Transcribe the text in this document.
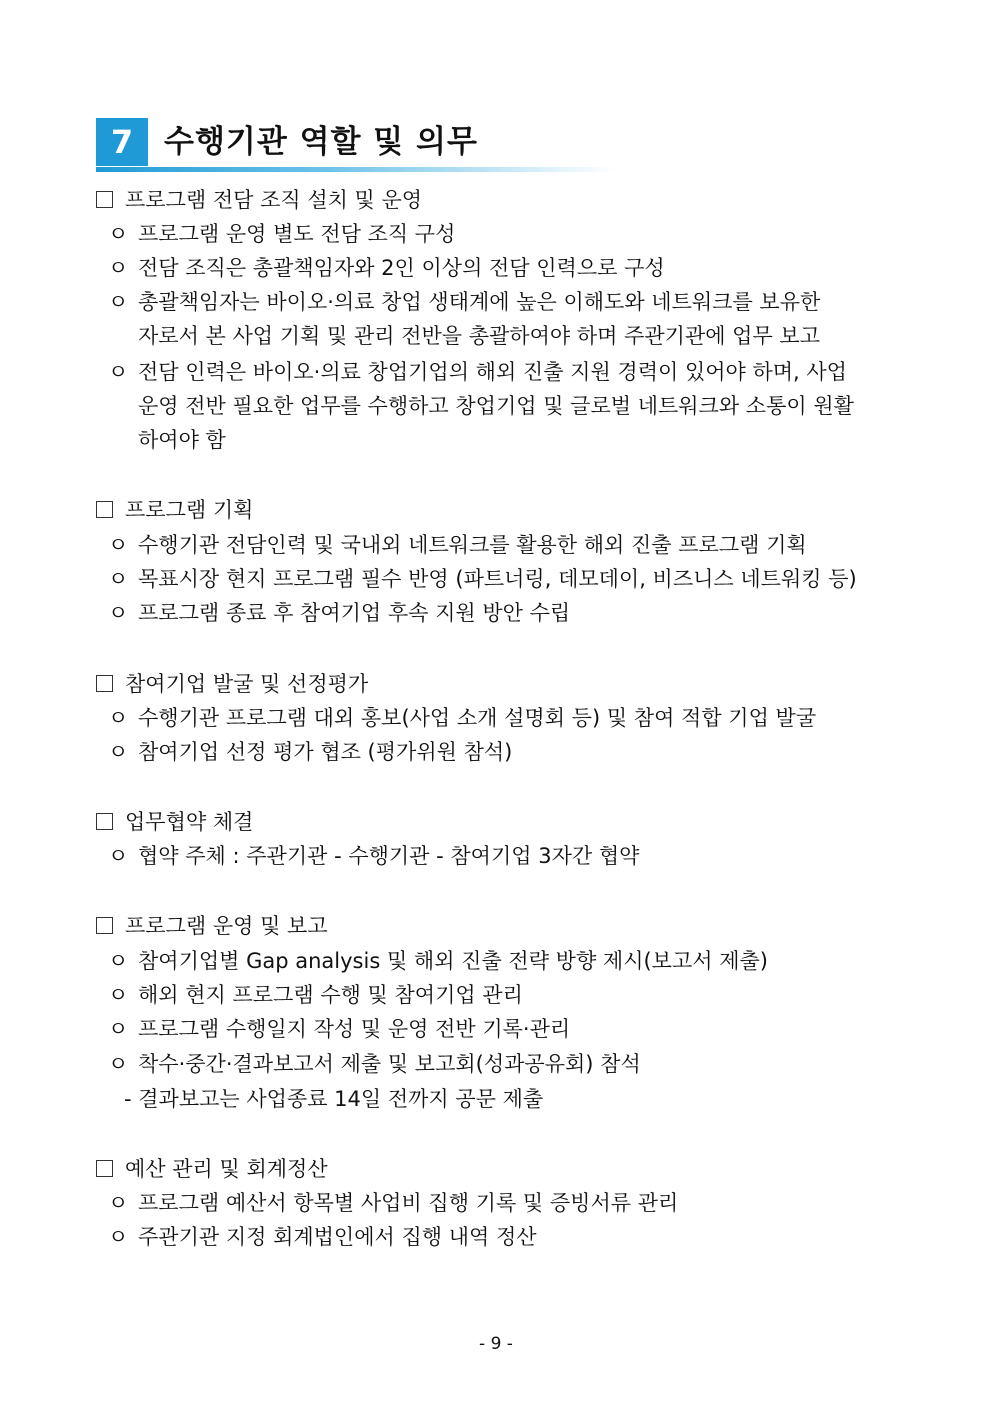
7 수행기관 역할 및 의무
프로그램 전담 조직 설치 및 운영
ㅇ 프로그램 운영 별도 전담 조직 구성
ㅇ 전담 조직은 총괄책임자와 2인 이상의 전담 인력으로 구성
ㅇ 총괄책임자는 바이오·의료 창업 생태계에 높은 이해도와 네트워크를 보유한
자로서 본 사업 기획 및 관리 전반을 총괄하여야 하며 주관기관에 업무 보고
ㅇ 전담 인력은 바이오·의료 창업기업의 해외 진출 지원 경력이 있어야 하며, 사업
운영 전반 필요한 업무를 수행하고 창업기업 및 글로벌 네트워크와 소통이 원활
하여야 함
프로그램 기획
ㅇ 수행기관 전담인력 및 국내외 네트워크를 활용한 해외 진출 프로그램 기획
ㅇ 목표시장 현지 프로그램 필수 반영 (파트너링, 데모데이, 비즈니스 네트워킹 등)
ㅇ 프로그램 종료 후 참여기업 후속 지원 방안 수립
참여기업 발굴 및 선정평가
ㅇ 수행기관 프로그램 대외 홍보(사업 소개 설명회 등) 및 참여 적합 기업 발굴
ㅇ 참여기업 선정 평가 협조 (평가위원 참석)
업무협약 체결
ㅇ 협약 주체 : 주관기관 - 수행기관 - 참여기업 3자간 협약
프로그램 운영 및 보고
ㅇ 참여기업별 Gap analysis 및 해외 진출 전략 방향 제시(보고서 제출)
ㅇ 해외 현지 프로그램 수행 및 참여기업 관리
ㅇ 프로그램 수행일지 작성 및 운영 전반 기록·관리
ㅇ 착수·중간·결과보고서 제출 및 보고회(성과공유회) 참석
- 결과보고는 사업종료 14일 전까지 공문 제출
예산 관리 및 회계정산
ㅇ 프로그램 예산서 항목별 사업비 집행 기록 및 증빙서류 관리
ㅇ 주관기관 지정 회계법인에서 집행 내역 정산
- 9 -
